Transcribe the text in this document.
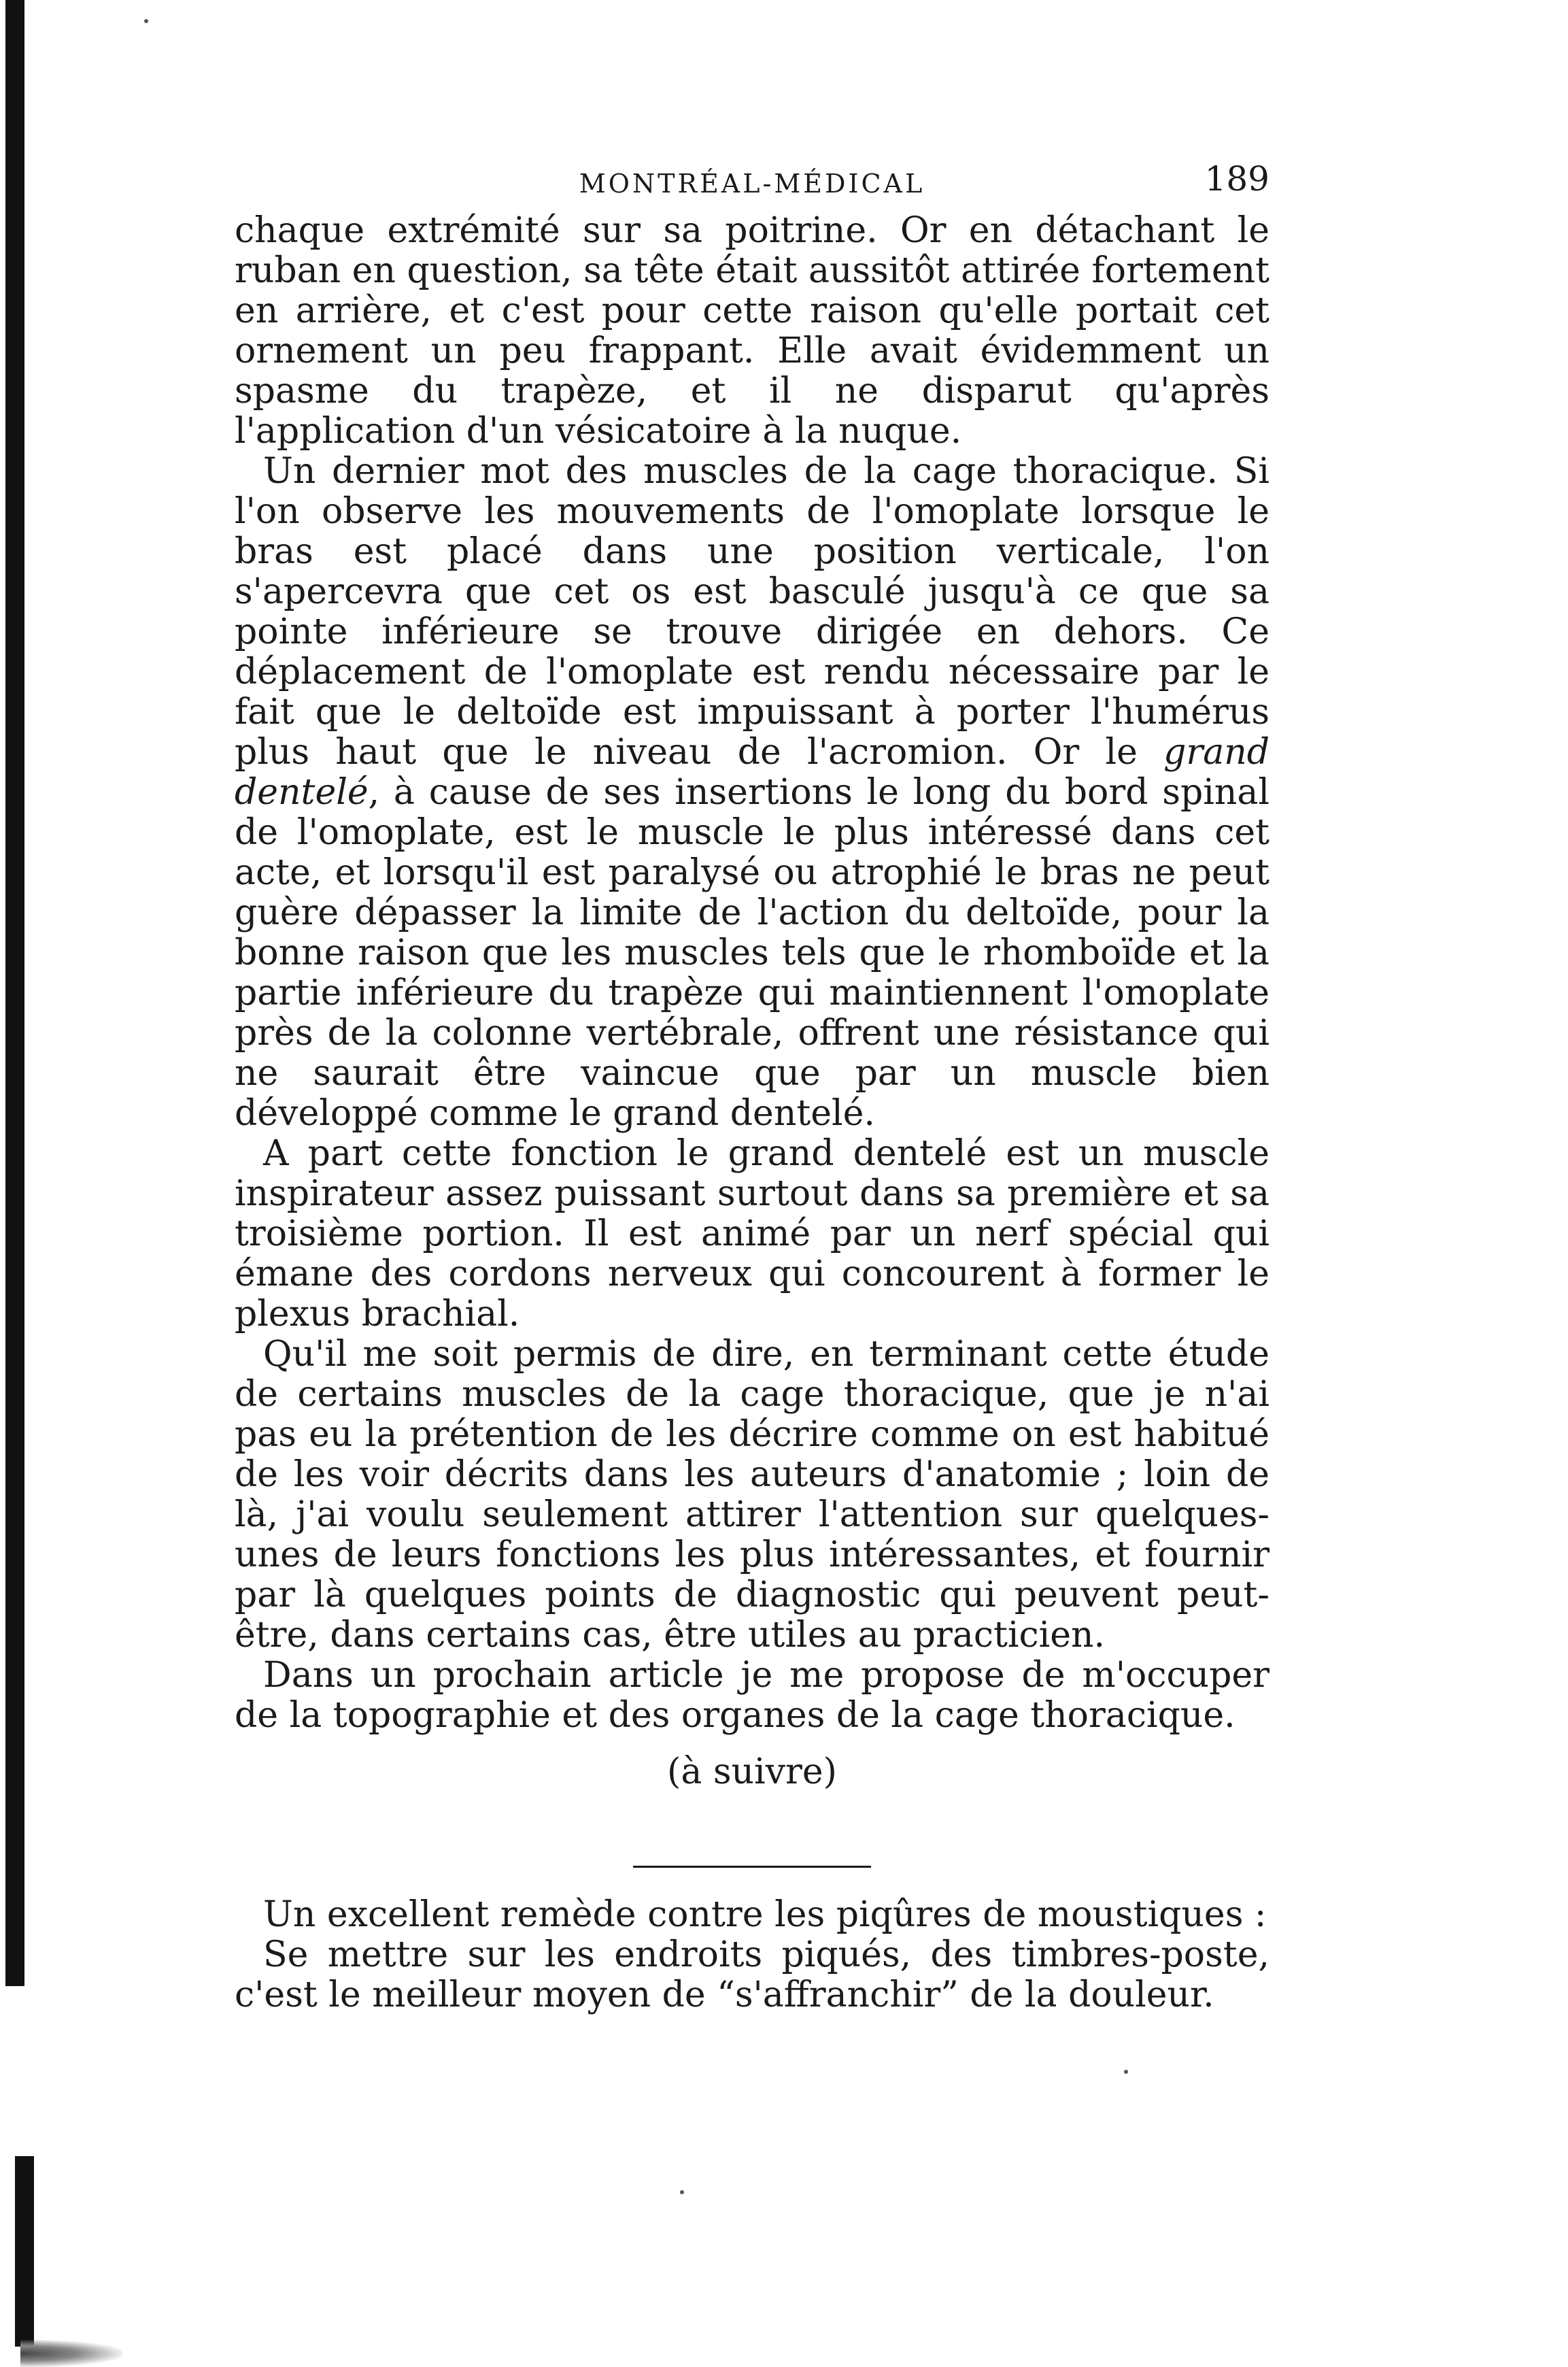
MONTRÉAL-MÉDICAL	189

chaque extrémité sur sa poitrine. Or en détachant le ruban en question, sa tête était aussitôt attirée fortement en arrière, et c'est pour cette raison qu'elle portait cet ornement un peu frappant. Elle avait évidemment un spasme du trapèze, et il ne disparut qu'après l'application d'un vésicatoire à la nuque.

Un dernier mot des muscles de la cage thoracique. Si l'on observe les mouvements de l'omoplate lorsque le bras est placé dans une position verticale, l'on s'apercevra que cet os est basculé jusqu'à ce que sa pointe inférieure se trouve dirigée en dehors. Ce déplacement de l'omoplate est rendu nécessaire par le fait que le deltoïde est impuissant à porter l'humérus plus haut que le niveau de l'acromion. Or le grand dentelé, à cause de ses insertions le long du bord spinal de l'omoplate, est le muscle le plus intéressé dans cet acte, et lorsqu'il est paralysé ou atrophié le bras ne peut guère dépasser la limite de l'action du deltoïde, pour la bonne raison que les muscles tels que le rhomboïde et la partie inférieure du trapèze qui maintiennent l'omoplate près de la colonne vertébrale, offrent une résistance qui ne saurait être vaincue que par un muscle bien développé comme le grand dentelé.

A part cette fonction le grand dentelé est un muscle inspirateur assez puissant surtout dans sa première et sa troisième portion. Il est animé par un nerf spécial qui émane des cordons nerveux qui concourent à former le plexus brachial.

Qu'il me soit permis de dire, en terminant cette étude de certains muscles de la cage thoracique, que je n'ai pas eu la prétention de les décrire comme on est habitué de les voir décrits dans les auteurs d'anatomie ; loin de là, j'ai voulu seulement attirer l'attention sur quelques-unes de leurs fonctions les plus intéressantes, et fournir par là quelques points de diagnostic qui peuvent peut-être, dans certains cas, être utiles au practicien.

Dans un prochain article je me propose de m'occuper de la topographie et des organes de la cage thoracique.

(à suivre)

Un excellent remède contre les piqûres de moustiques :

Se mettre sur les endroits piqués, des timbres-poste, c'est le meilleur moyen de “s'affranchir” de la douleur.
